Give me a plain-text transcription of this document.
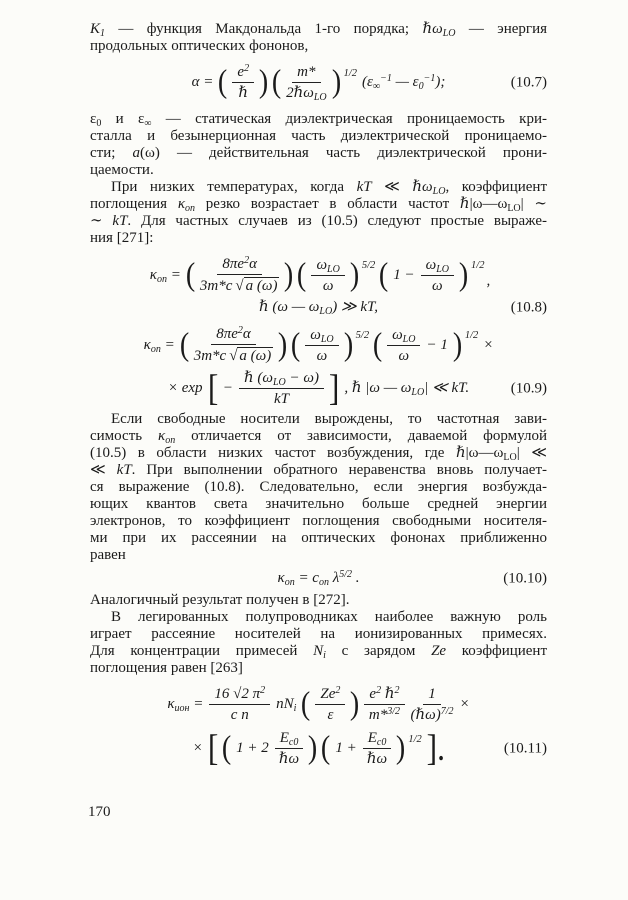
$K_1$ — функция Макдональда 1-го порядка; ℏω$_{LO}$ — энергия
продольных оптических фононов,
α = ( $\frac{e^2}{\text{ℏ}}$ ) ( $\frac{m*}{2\hbar\omega_{LO}}$ ) 1/2
($\varepsilon_\infty^{-1}$ — $\varepsilon_0^{-1}$);	(10.7)
$\varepsilon_0$ и $\varepsilon_\infty$ — статическая диэлектрическая проницаемость кри-
сталла и безынерционная часть диэлектрической проницаемо-
сти; a(ω) — действительная часть диэлектрической прони-
цаемости.
При низких температурах, когда kT ≪ ℏω$_{LO}$, коэффициент
поглощения $\kappa_{оп}$ резко возрастает в области частот $\hbar|\omega—\omega_{LO}|$ ∼
∼ kT. Для частных случаев из (10.5) следуют простые выраже-
ния [271]:
$\kappa_{оп}$ = ( $\frac{8\pi e^2\alpha}{3m*c √ a (\omega)}$ ) ( $\frac{\omega_{LO}}{\omega}$ ) 5/2 ( $1 - \frac{\omega_{LO}}{\omega}$ ) 1/2
,
ℏ (ω — $\omega_{LO}$) ≫ kT,	(10.8)
$\kappa_{оп}$ = ( $\frac{8\pi e^2\alpha}{3m*c √ a (\omega)}$ ) ( $\frac{\omega_{LO}}{\omega}$ ) 5/2 ( $\frac{\omega_{LO}}{\omega} - 1$ ) 1/2
×
× exp [ − $\frac{\hbar (\omega_{LO} - \omega)}{kT}$ ] , ℏ |ω — $\omega_{LO}|$ ≪ kT.	(10.9)
Если свободные носители вырождены, то частотная зави-
симость $\kappa_{оп}$ отличается от зависимости, даваемой формулой
(10.5) в области низких частот возбуждения, где $\hbar|\omega—\omega_{LO}|$ ≪
≪ kT. При выполнении обратного неравенства вновь получает-
ся выражение (10.8). Следовательно, если энергия возбужда-
ющих квантов света значительно больше средней энергии
электронов, то коэффициент поглощения свободными носителя-
ми при их рассеянии на оптических фононах приближенно
равен
$\kappa_{оп} = c_{оп}$ $\lambda^{5/2}$ .	(10.10)
Аналогичный результат получен в [272].
В легированных полупроводниках наиболее важную роль
играет рассеяние носителей на ионизированных примесях.
Для концентрации примесей $N_i$ с зарядом Ze коэффициент
поглощения равен [263]
$\kappa_{ион} = \frac{16 √2 \pi^2}{\text{c n}} nN_i$ ( $\frac{Ze^2}{\varepsilon}$ ) $\frac{e^2 \hbar^2}{m*^{3/2}} \frac{1}{(\hbar\omega)^{7/2}}$ ×
× [ ( $1 + 2 \frac{E_{c0}}{\text{ℏω}}$ ) ( $1 + \frac{E_{c0}}{\text{ℏω}}$ ) 1/2 ].	(10.11)
170
